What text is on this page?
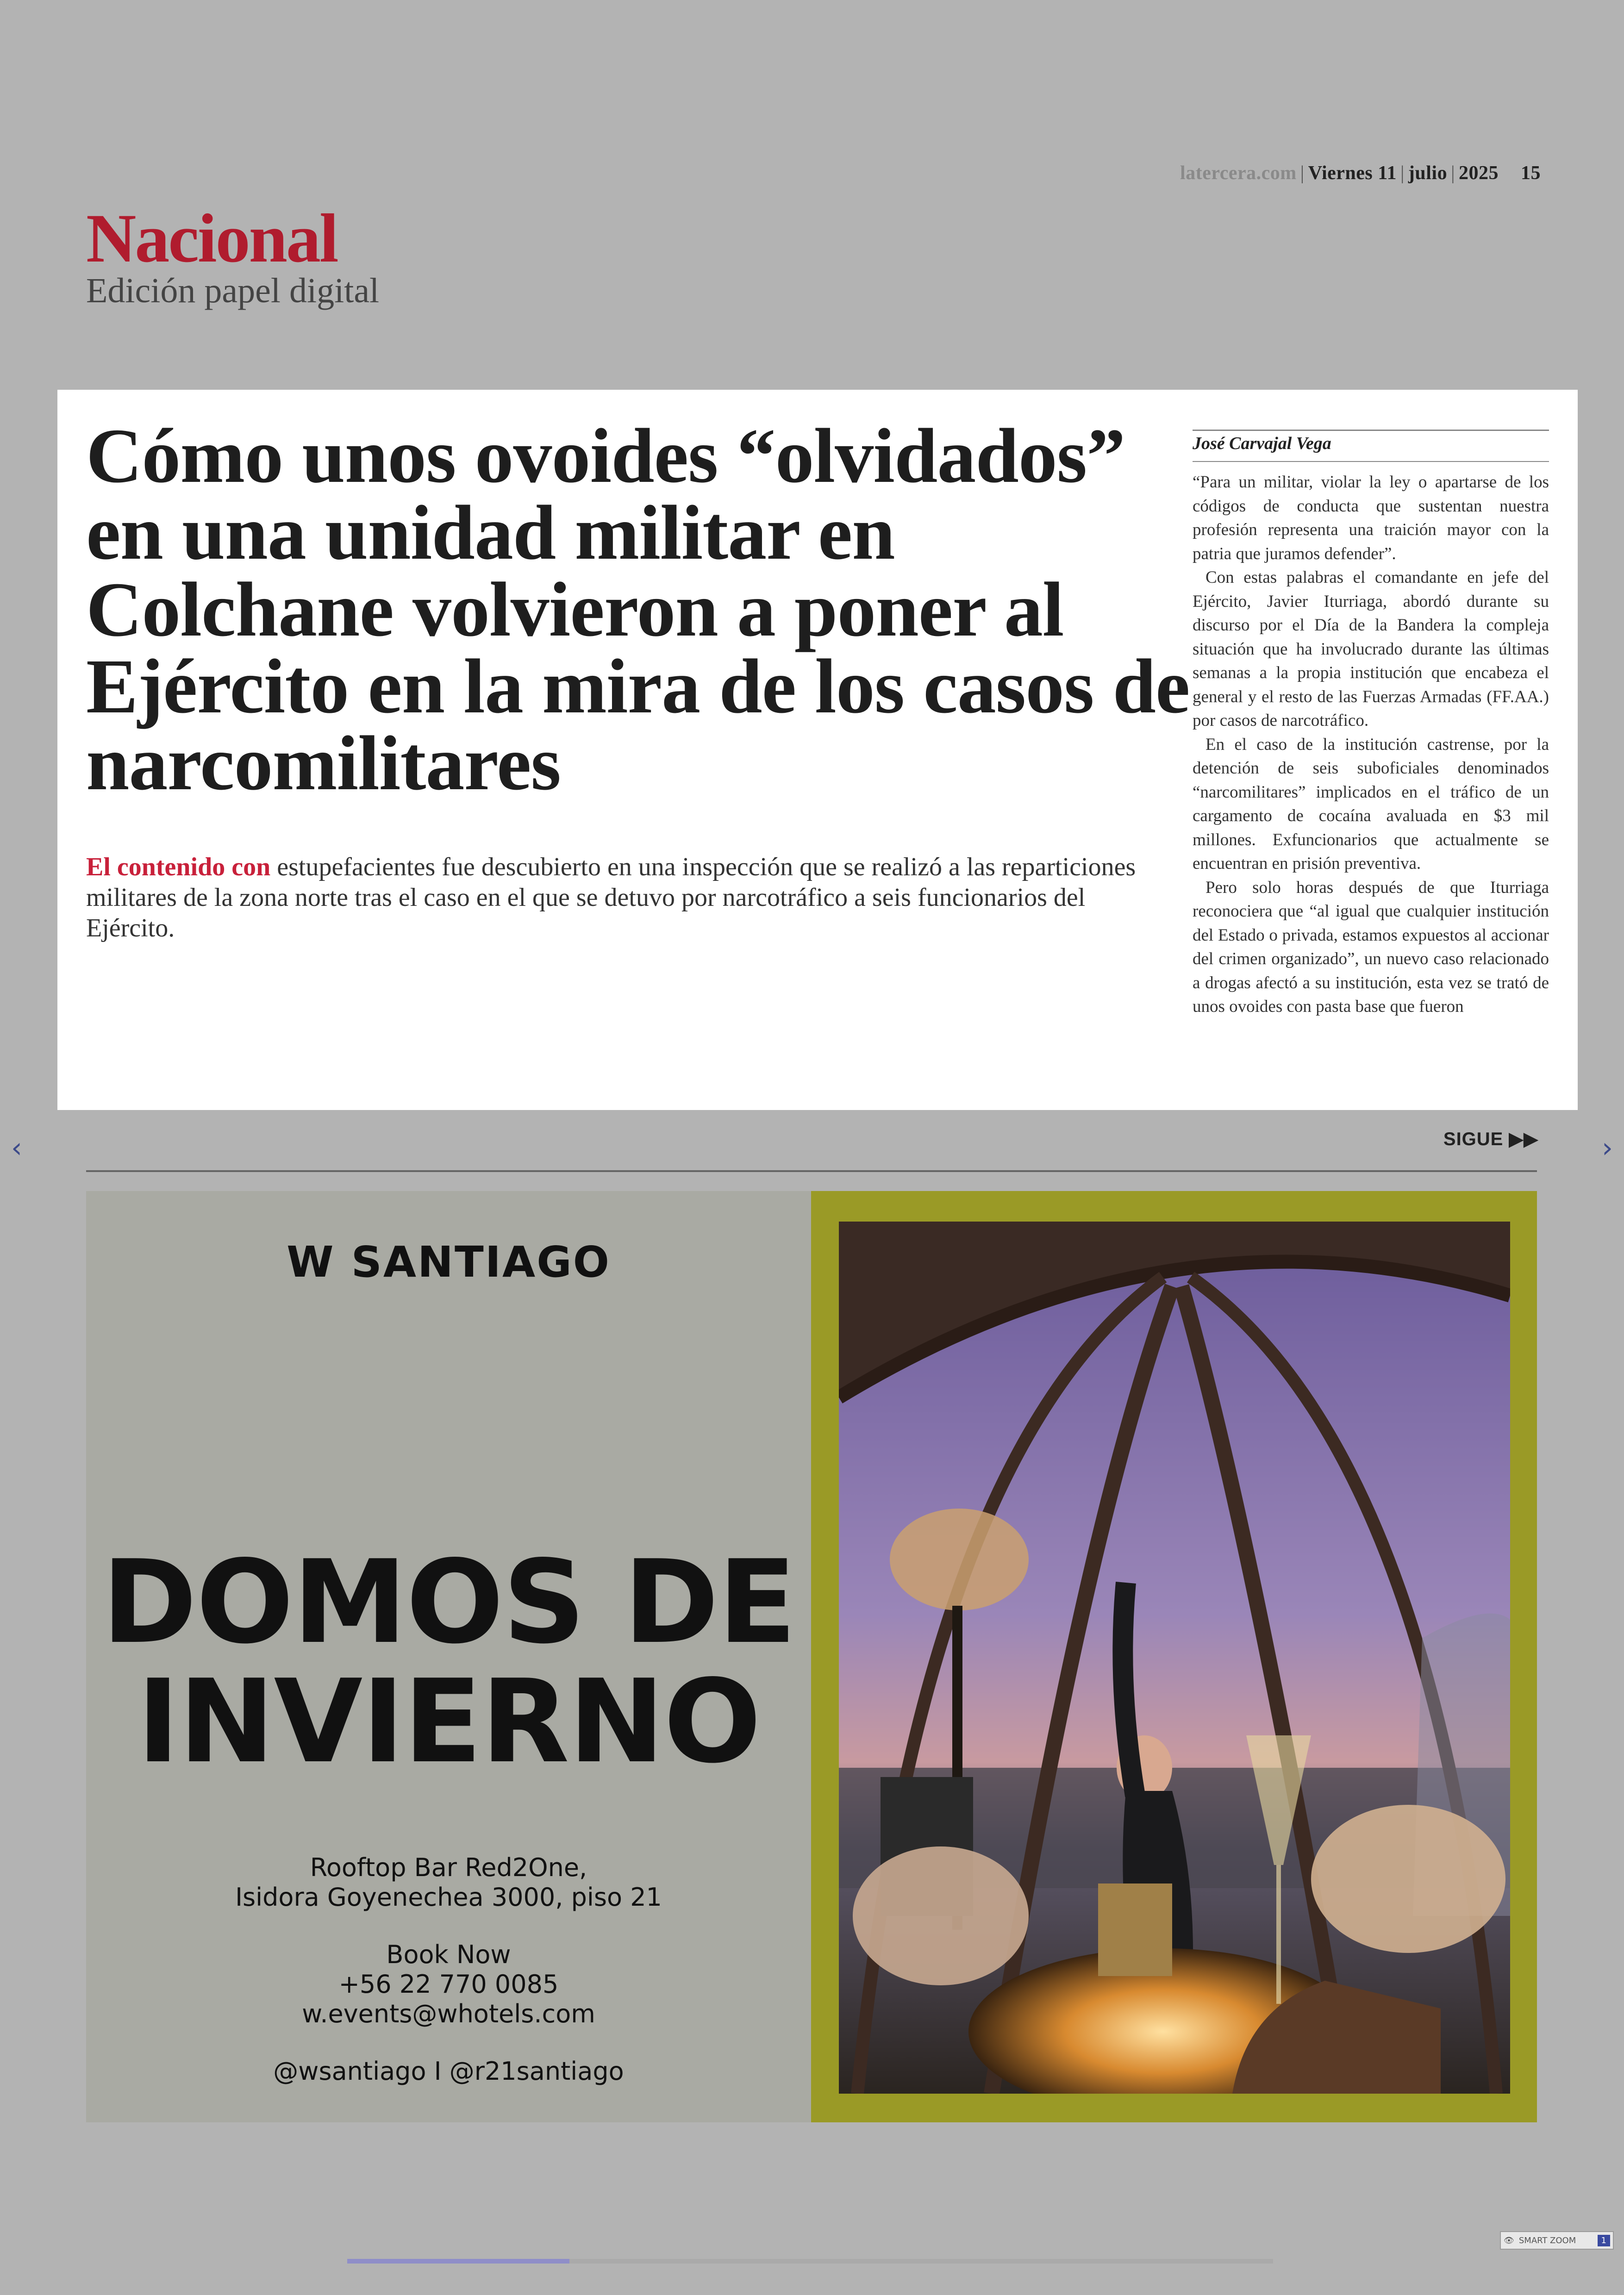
latercera.com | Viernes 11 | julio | 2025 15
Nacional

Edición papel digital

Cómo unos ovoides “olvidados” en una unidad militar en Colchane volvieron a poner al Ejército en la mira de los casos de narcomilitares

El contenido con estupefacientes fue descubierto en una inspección que se realizó a las reparticiones militares de la zona norte tras el caso en el que se detuvo por narcotráfico a seis funcionarios del Ejército.

José Carvajal Vega

“Para un militar, violar la ley o apartarse de los códigos de conducta que sustentan nuestra profesión representa una traición mayor con la patria que juramos defender”.

Con estas palabras el comandante en jefe del Ejército, Javier Iturriaga, abordó durante su discurso por el Día de la Bandera la compleja situación que ha involucrado durante las últimas semanas a la propia institución que encabeza el general y el resto de las Fuerzas Armadas (FF.AA.) por casos de narcotráfico.

En el caso de la institución castrense, por la detención de seis suboficiales denominados “narcomilitares” implicados en el tráfico de un cargamento de cocaína avaluada en $3 mil millones. Exfuncionarios que actualmente se encuentran en prisión preventiva.

Pero solo horas después de que Iturriaga reconociera que “al igual que cualquier institución del Estado o privada, estamos expuestos al accionar del crimen organizado”, un nuevo caso relacionado a drogas afectó a su institución, esta vez se trató de unos ovoides con pasta base que fueron

‹	›
SIGUE ▶▶
W SANTIAGO
DOMOS DE
INVIERNO
Rooftop Bar Red2One,
Isidora Goyenechea 3000, piso 21
Book Now
+56 22 770 0085
w.events@whotels.com
@wsantiago I @r21santiago
👁 SMART ZOOM	1
